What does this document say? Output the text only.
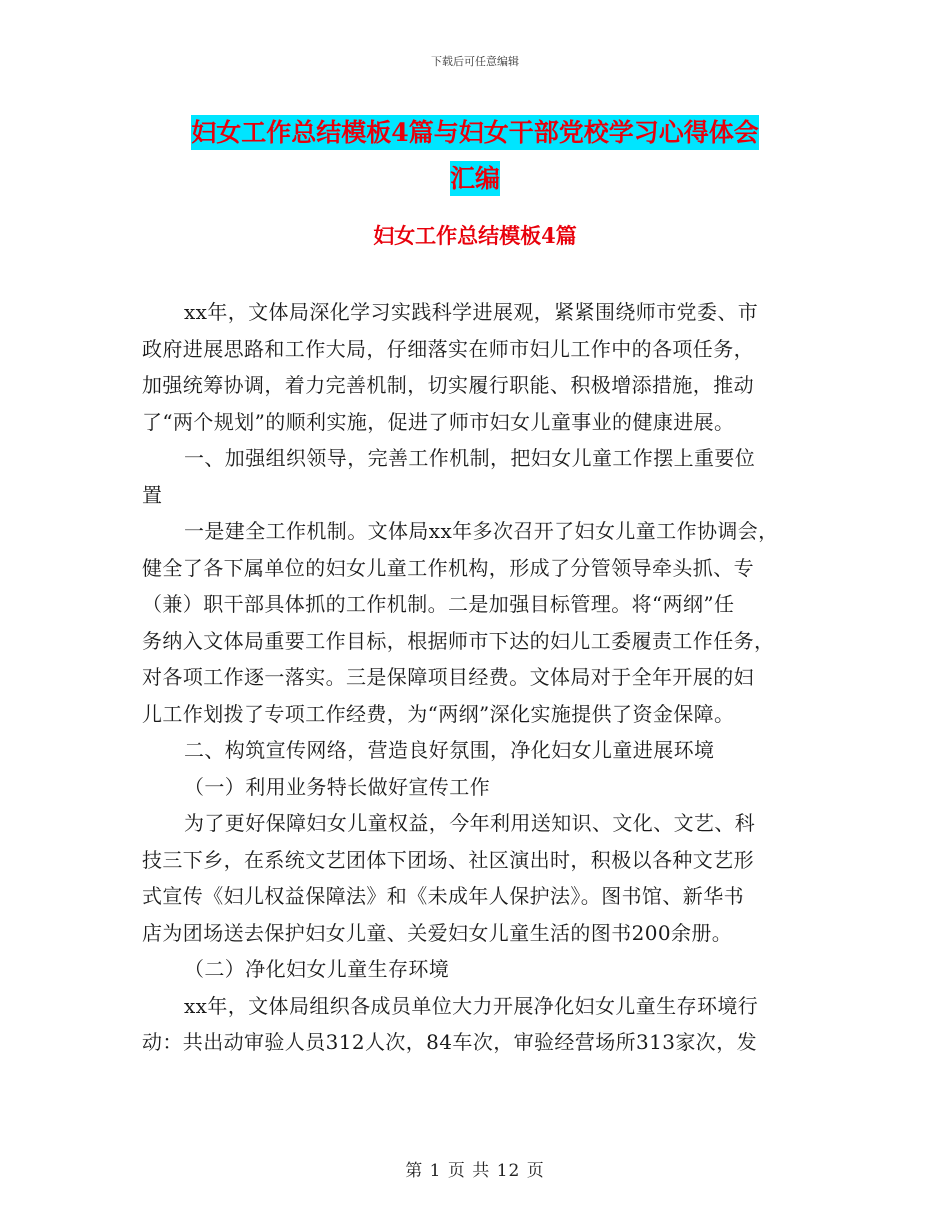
下载后可任意编辑
妇女工作总结模板4篇与妇女干部党校学习心得体会
汇编
妇女工作总结模板4篇
xx年，文体局深化学习实践科学进展观，紧紧围绕师市党委、市
政府进展思路和工作大局，仔细落实在师市妇儿工作中的各项任务，
加强统筹协调，着力完善机制，切实履行职能、积极增添措施，推动
了“两个规划”的顺利实施，促进了师市妇女儿童事业的健康进展。
一、加强组织领导，完善工作机制，把妇女儿童工作摆上重要位
置
一是建全工作机制。文体局xx年多次召开了妇女儿童工作协调会，
健全了各下属单位的妇女儿童工作机构，形成了分管领导牵头抓、专
（兼）职干部具体抓的工作机制。二是加强目标管理。将“两纲”任
务纳入文体局重要工作目标，根据师市下达的妇儿工委履责工作任务，
对各项工作逐一落实。三是保障项目经费。文体局对于全年开展的妇
儿工作划拨了专项工作经费，为“两纲”深化实施提供了资金保障。
二、构筑宣传网络，营造良好氛围，净化妇女儿童进展环境
（一）利用业务特长做好宣传工作
为了更好保障妇女儿童权益，今年利用送知识、文化、文艺、科
技三下乡，在系统文艺团体下团场、社区演出时，积极以各种文艺形
式宣传《妇儿权益保障法》和《未成年人保护法》。图书馆、新华书
店为团场送去保护妇女儿童、关爱妇女儿童生活的图书200余册。
（二）净化妇女儿童生存环境
xx年，文体局组织各成员单位大力开展净化妇女儿童生存环境行
动：共出动审验人员312人次，84车次，审验经营场所313家次，发
第 1 页 共 12 页
